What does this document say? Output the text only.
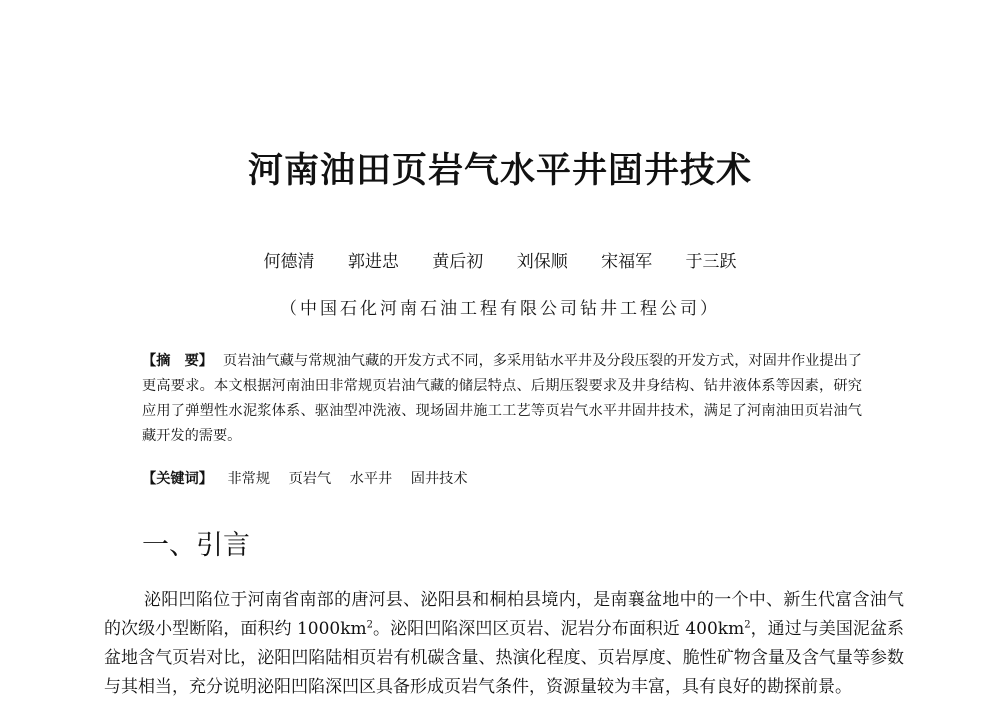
河南油田页岩气水平井固井技术
何德清 郭进忠 黄后初 刘保顺 宋福军 于三跃
（中国石化河南石油工程有限公司钻井工程公司）
【摘　要】 页岩油气藏与常规油气藏的开发方式不同，多采用钻水平井及分段压裂的开发方式，对固井作业提出了更高要求。本文根据河南油田非常规页岩油气藏的储层特点、后期压裂要求及井身结构、钻井液体系等因素，研究应用了弹塑性水泥浆体系、驱油型冲洗液、现场固井施工工艺等页岩气水平井固井技术，满足了河南油田页岩油气藏开发的需要。
【关键词】 非常规 页岩气 水平井 固井技术
一、引言
泌阳凹陷位于河南省南部的唐河县、泌阳县和桐柏县境内，是南襄盆地中的一个中、新生代富含油气的次级小型断陷，面积约 $1000km^2$。泌阳凹陷深凹区页岩、泥岩分布面积近 $400km^2$，通过与美国泥盆系盆地含气页岩对比，泌阳凹陷陆相页岩有机碳含量、热演化程度、页岩厚度、脆性矿物含量及含气量等参数与其相当，充分说明泌阳凹陷深凹区具备形成页岩气条件，资源量较为丰富，具有良好的勘探前景。
